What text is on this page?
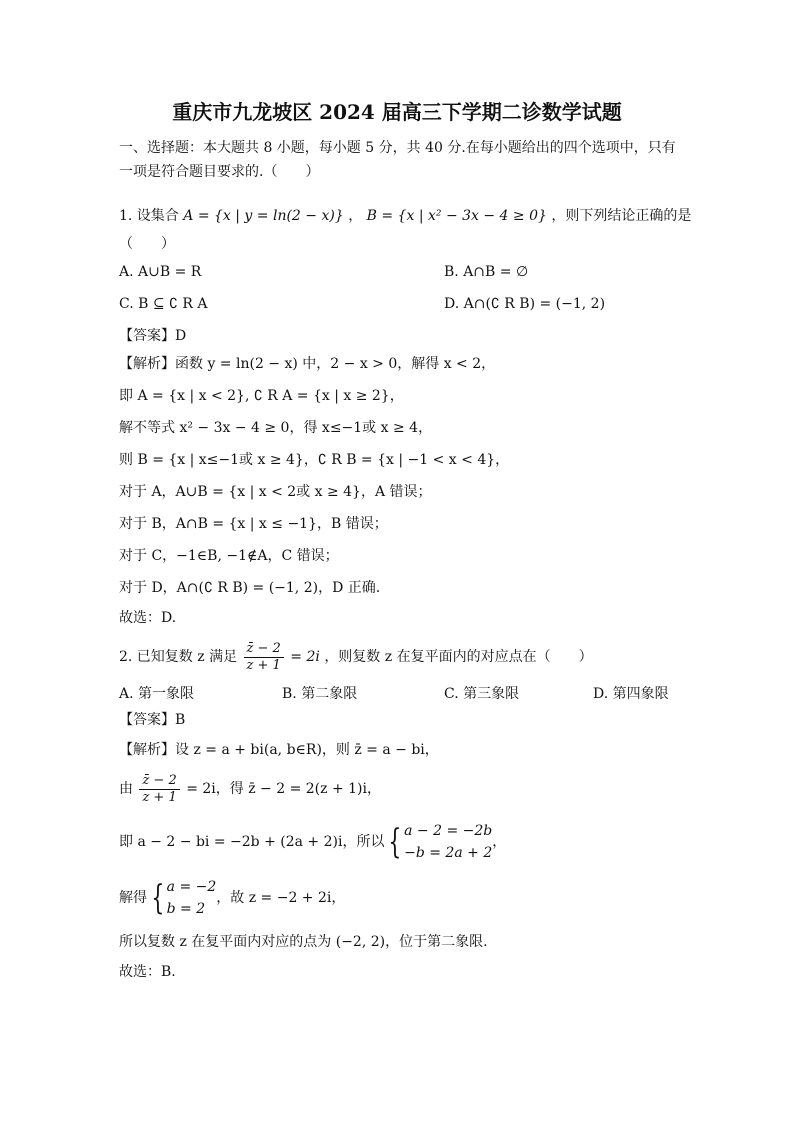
重庆市九龙坡区 2024 届高三下学期二诊数学试题
一、选择题：本大题共 8 小题，每小题 5 分，共 40 分.在每小题给出的四个选项中，只有
一项是符合题目要求的.（　　）
1. 设集合 A = {x | y = ln(2 − x)} ， B = {x | x² − 3x − 4 ≥ 0} ，则下列结论正确的是
（　　）
A. A∪B = R	B. A∩B = ∅
C. B ⊆ ∁ R A	D. A∩(∁ R B) = (−1, 2)
【答案】D
【解析】函数 y = ln(2 − x) 中，2 − x > 0，解得 x < 2，
即 A = {x | x < 2}, ∁ R A = {x | x ≥ 2}，
解不等式 x² − 3x − 4 ≥ 0，得 x≤−1或 x ≥ 4，
则 B = {x | x≤−1或 x ≥ 4}，∁ R B = {x | −1 < x < 4}，
对于 A，A∪B = {x | x < 2或 x ≥ 4}，A 错误；
对于 B，A∩B = {x | x ≤ −1}，B 错误；
对于 C，−1∈B, −1∉A，C 错误；
对于 D，A∩(∁ R B) = (−1, 2)，D 正确.
故选：D.
2. 已知复数 z 满足 $\frac{z̄ - 2}{z + 1} = 2i$ ，则复数 z 在复平面内的对应点在（　　）
A. 第一象限	B. 第二象限	C. 第三象限	D. 第四象限
【答案】B
【解析】设 z = a + bi(a, b∈R)，则 z̄ = a − bi，
由 $\frac{z̄ - 2}{z + 1} = 2i$，得 z̄ − 2 = 2(z + 1)i，
即 a − 2 − bi = −2b + (2a + 2)i，所以 { a − 2 = −2b
−b = 2a + 2
，
解得 { a = −2
b = 2
，故 z = −2 + 2i，
所以复数 z 在复平面内对应的点为 (−2, 2)，位于第二象限.
故选：B.
